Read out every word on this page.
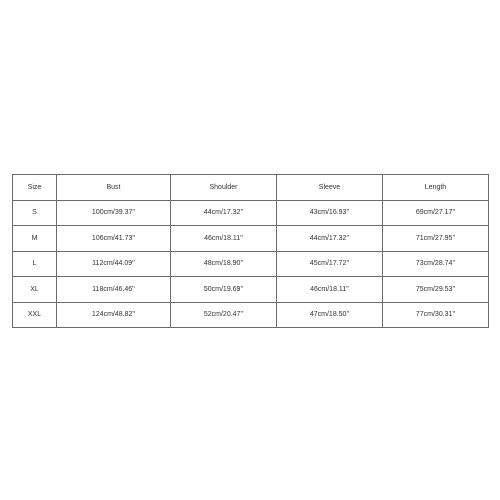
Size	Bust	Shoulder	Sleeve	Length
S	100cm/39.37''	44cm/17.32''	43cm/16.93''	69cm/27.17''
M	106cm/41.73''	46cm/18.11''	44cm/17.32''	71cm/27.95''
L	112cm/44.09''	48cm/18.90''	45cm/17.72''	73cm/28.74''
XL	118cm/46.46''	50cm/19.69''	46cm/18.11''	75cm/29.53''
XXL	124cm/48.82''	52cm/20.47''	47cm/18.50''	77cm/30.31''
